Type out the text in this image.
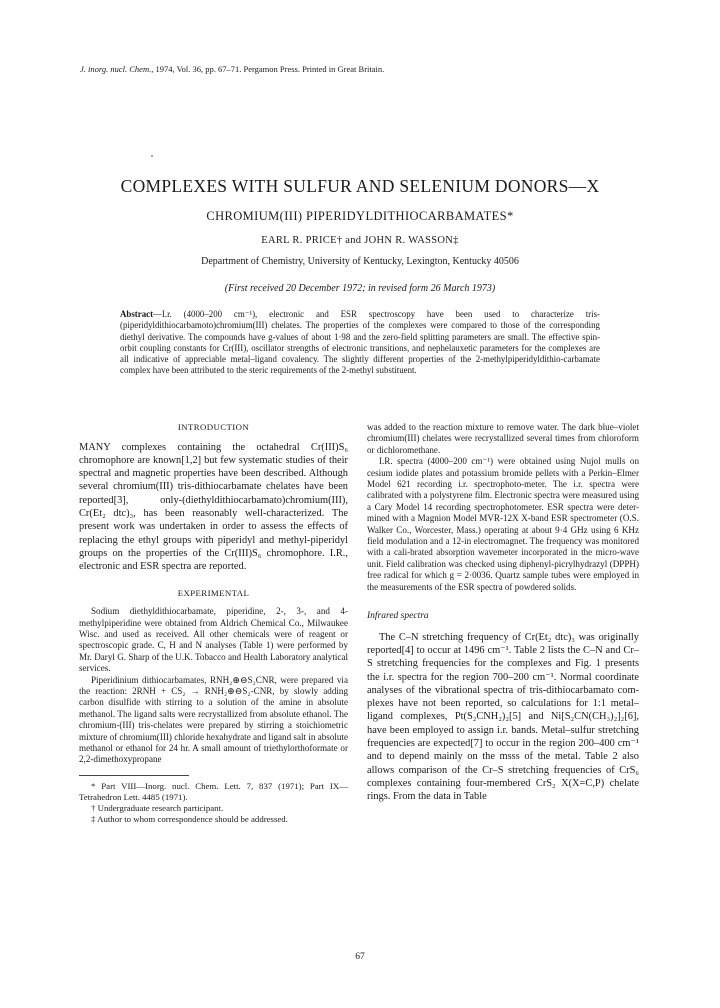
J. inorg. nucl. Chem., 1974, Vol. 36, pp. 67–71. Pergamon Press. Printed in Great Britain.
COMPLEXES WITH SULFUR AND SELENIUM DONORS—X
CHROMIUM(III) PIPERIDYLDITHIOCARBAMATES*
EARL R. PRICE† and JOHN R. WASSON‡
Department of Chemistry, University of Kentucky, Lexington, Kentucky 40506
(First received 20 December 1972; in revised form 26 March 1973)
Abstract—I.r. (4000–200 cm⁻¹), electronic and ESR spectroscopy have been used to characterize tris-(piperidyldithiocarbamoto)chromium(III) chelates. The properties of the complexes were compared to those of the corresponding diethyl derivative. The compounds have g-values of about 1·98 and the zero-field splitting parameters are small. The effective spin-orbit coupling constants for Cr(III), oscillator strengths of electronic transitions, and nephelauxetic parameters for the complexes are all indicative of appreciable metal–ligand covalency. The slightly different properties of the 2-methylpiperidyldithio-carbamate complex have been attributed to the steric requirements of the 2-methyl substituent.
INTRODUCTION

MANY complexes containing the octahedral Cr(III)S₆ chromophore are known[1,2] but few systematic studies of their spectral and magnetic properties have been described. Although several chromium(III) tris-dithiocarbamate chelates have been reported[3], only-(diethyldithiocarbamato)chromium(III), Cr(Et₂ dtc)₃, has been reasonably well-characterized. The present work was undertaken in order to assess the effects of replacing the ethyl groups with piperidyl and methyl-piperidyl groups on the properties of the Cr(III)S₆ chromophore. I.R., electronic and ESR spectra are reported.

EXPERIMENTAL

Sodium diethyldithiocarbamate, piperidine, 2-, 3-, and 4-methylpiperidine were obtained from Aldrich Chemical Co., Milwaukee Wisc. and used as received. All other chemicals were of reagent or spectroscopic grade. C, H and N analyses (Table 1) were performed by Mr. Daryl G. Sharp of the U.K. Tobacco and Health Laboratory analytical services.

Piperidinium dithiocarbamates, RNH₂⊕⊖S₂CNR, were prepared via the reaction: 2RNH + CS₂ → RNH₂⊕⊖S₂-CNR, by slowly adding carbon disulfide with stirring to a solution of the amine in absolute methanol. The ligand salts were recrystallized from absolute ethanol. The chromium-(III) tris-chelates were prepared by stirring a stoichiometric mixture of chromium(III) chloride hexahydrate and ligand salt in absolute methanol or ethanol for 24 hr. A small amount of triethylorthoformate or 2,2-dimethoxypropane

* Part VIII—Inorg. nucl. Chem. Lett. 7, 837 (1971); Part IX—Tetrahedron Lett. 4485 (1971).

† Undergraduate research participant.

‡ Author to whom correspondence should be addressed.

was added to the reaction mixture to remove water. The dark blue–violet chromium(III) chelates were recrystallized several times from chloroform or dichloromethane.

I.R. spectra (4000–200 cm⁻¹) were obtained using Nujol mulls on cesium iodide plates and potassium bromide pellets with a Perkin–Elmer Model 621 recording i.r. spectrophoto-meter. The i.r. spectra were calibrated with a polystyrene film. Electronic spectra were measured using a Cary Model 14 recording spectrophotometer. ESR spectra were deter-mined with a Magnion Model MVR-12X X-band ESR spectrometer (O.S. Walker Co., Worcester, Mass.) operating at about 9·4 GHz using 6 KHz field modulation and a 12-in electromagnet. The frequency was monitored with a cali-brated absorption wavemeter incorporated in the micro-wave unit. Field calibration was checked using diphenyl-picrylhydrazyl (DPPH) free radical for which g = 2·0036. Quartz sample tubes were employed in the measurements of the ESR spectra of powdered solids.

Infrared spectra

The C–N stretching frequency of Cr(Et₂ dtc)₃ was originally reported[4] to occur at 1496 cm⁻¹. Table 2 lists the C–N and Cr–S stretching frequencies for the complexes and Fig. 1 presents the i.r. spectra for the region 700–200 cm⁻¹. Normal coordinate analyses of the vibrational spectra of tris-dithiocarbamato com-plexes have not been reported, so calculations for 1:1 metal–ligand complexes, Pt(S₂CNH₂)₂[5] and Ni[S₂CN(CH₃)₂]₂[6], have been employed to assign i.r. bands. Metal–sulfur stretching frequencies are expected[7] to occur in the region 200–400 cm⁻¹ and to depend mainly on the msss of the metal. Table 2 also allows comparison of the Cr–S stretching frequencies of CrS₆ complexes containing four-membered CrS₂ X(X=C,P) chelate rings. From the data in Table

67
